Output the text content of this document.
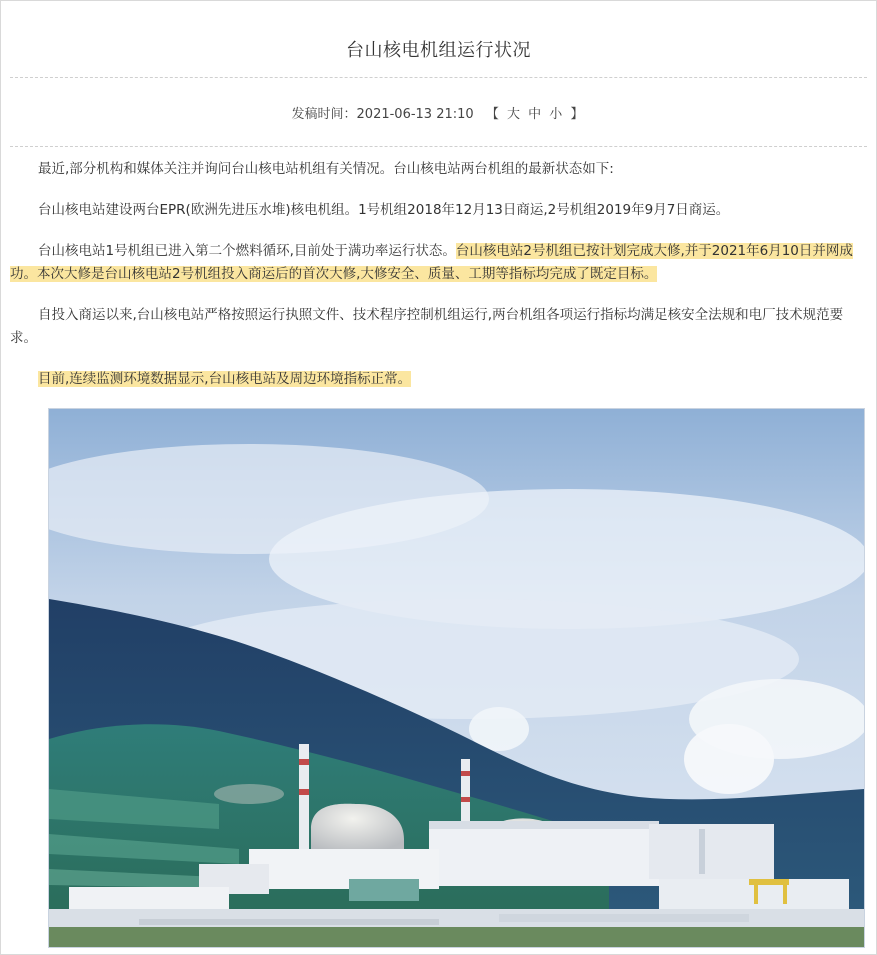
台山核电机组运行状况
发稿时间：2021-06-13 21:10 【 大 中 小 】

最近,部分机构和媒体关注并询问台山核电站机组有关情况。台山核电站两台机组的最新状态如下:

台山核电站建设两台EPR(欧洲先进压水堆)核电机组。1号机组2018年12月13日商运,2号机组2019年9月7日商运。

台山核电站1号机组已进入第二个燃料循环,目前处于满功率运行状态。台山核电站2号机组已按计划完成大修,并于2021年6月10日并网成功。本次大修是台山核电站2号机组投入商运后的首次大修,大修安全、质量、工期等指标均完成了既定目标。

自投入商运以来,台山核电站严格按照运行执照文件、技术程序控制机组运行,两台机组各项运行指标均满足核安全法规和电厂技术规范要求。

目前,连续监测环境数据显示,台山核电站及周边环境指标正常。
